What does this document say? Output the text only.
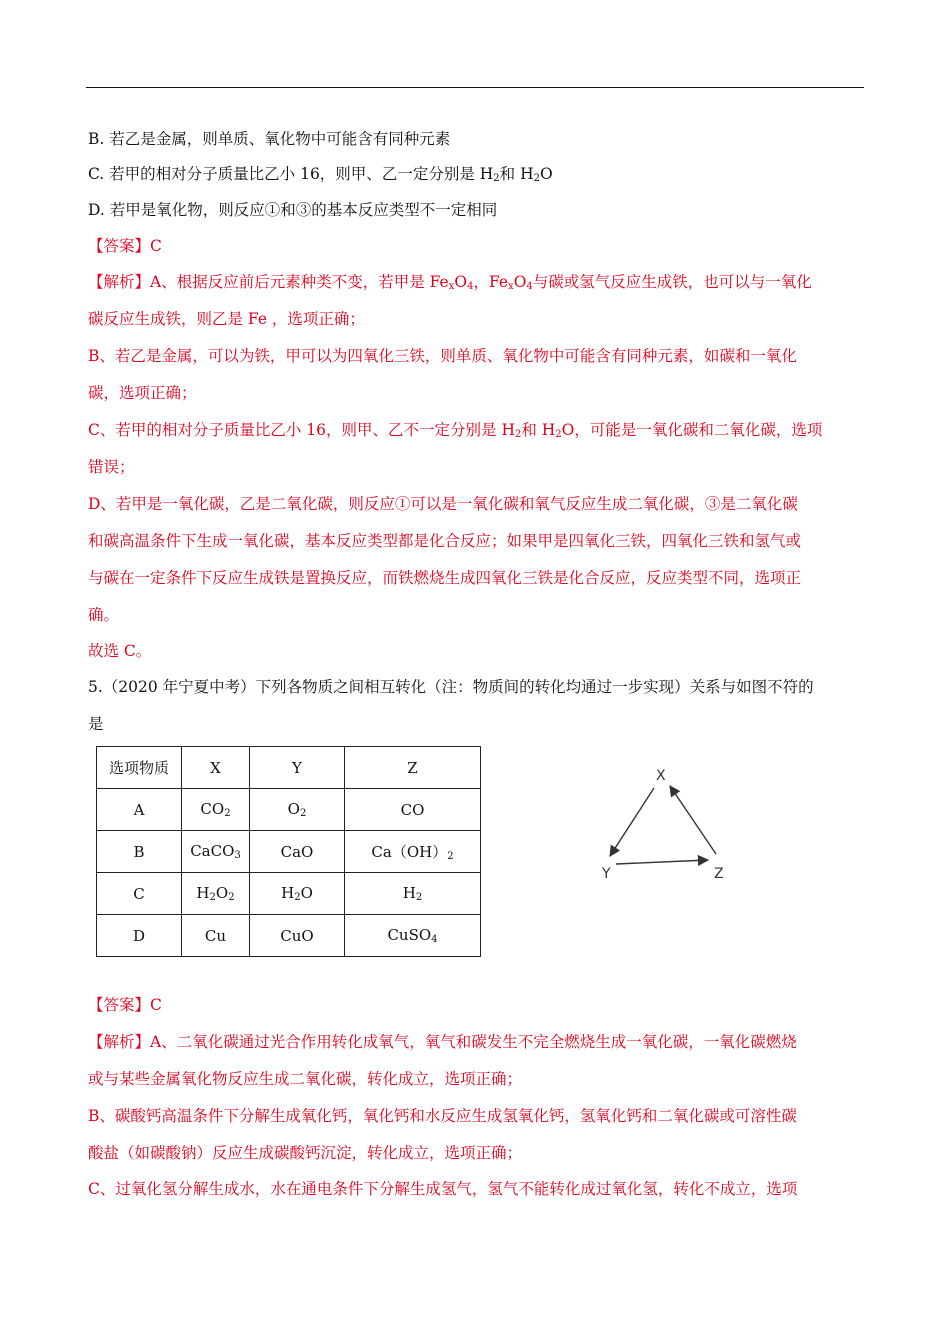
B. 若乙是金属，则单质、氧化物中可能含有同种元素
C. 若甲的相对分子质量比乙小 16，则甲、乙一定分别是 $H_2$和 $H_2O$
D. 若甲是氧化物，则反应①和③的基本反应类型不一定相同
【答案】C
【解析】A、根据反应前后元素种类不变，若甲是 $Fe_xO_4$，$Fe_xO_4$与碳或氢气反应生成铁，也可以与一氧化
碳反应生成铁，则乙是 Fe ，选项正确；
B、若乙是金属，可以为铁，甲可以为四氧化三铁，则单质、氧化物中可能含有同种元素，如碳和一氧化
碳，选项正确；
C、若甲的相对分子质量比乙小 16，则甲、乙不一定分别是 $H_2$和 $H_2O$，可能是一氧化碳和二氧化碳，选项
错误；
D、若甲是一氧化碳，乙是二氧化碳，则反应①可以是一氧化碳和氧气反应生成二氧化碳，③是二氧化碳
和碳高温条件下生成一氧化碳，基本反应类型都是化合反应；如果甲是四氧化三铁，四氧化三铁和氢气或
与碳在一定条件下反应生成铁是置换反应，而铁燃烧生成四氧化三铁是化合反应，反应类型不同，选项正
确。
故选 C。
5.（2020 年宁夏中考）下列各物质之间相互转化（注：物质间的转化均通过一步实现）关系与如图不符的
是
选项物质	X	Y	Z
A	$CO_2$	$O_2$	CO
B	CaCO$_3$	CaO	$Ca(OH)_2$
C	$H_2O_2$	$H_2O$	$H_2$
D	Cu	CuO	CuSO$_4$
X
Y	Z
【答案】C
【解析】A、二氧化碳通过光合作用转化成氧气，氧气和碳发生不完全燃烧生成一氧化碳，一氧化碳燃烧
或与某些金属氧化物反应生成二氧化碳，转化成立，选项正确；
B、碳酸钙高温条件下分解生成氧化钙，氧化钙和水反应生成氢氧化钙，氢氧化钙和二氧化碳或可溶性碳
酸盐（如碳酸钠）反应生成碳酸钙沉淀，转化成立，选项正确；
C、过氧化氢分解生成水，水在通电条件下分解生成氢气，氢气不能转化成过氧化氢，转化不成立，选项
